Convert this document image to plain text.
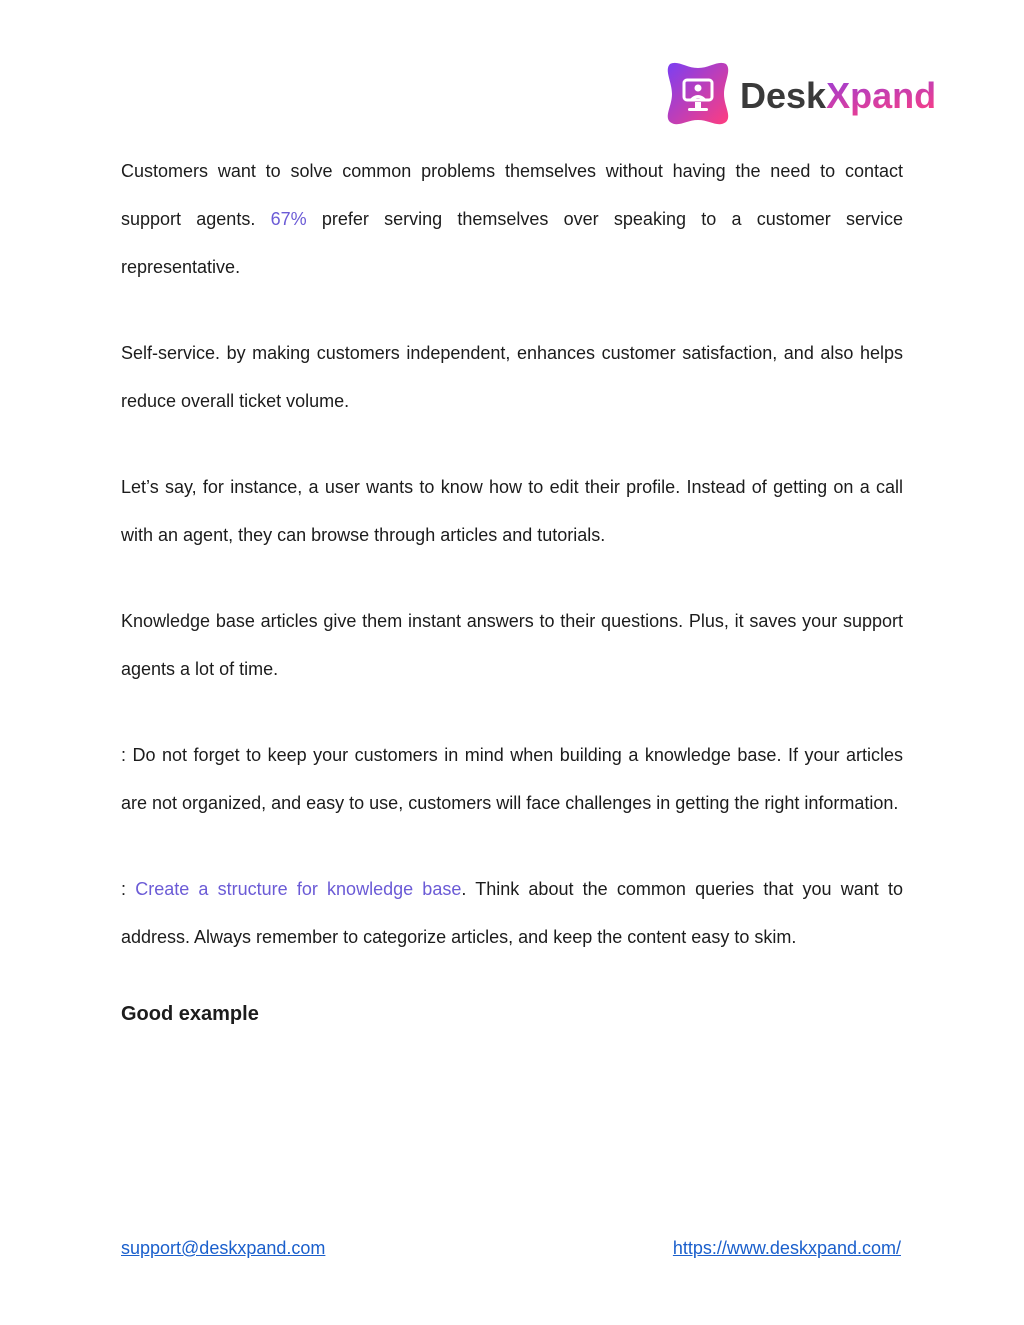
DeskXpand

Customers want to solve common problems themselves without having the need to contact support agents. 67% prefer serving themselves over speaking to a customer service representative.

Self-service. by making customers independent, enhances customer satisfaction, and also helps reduce overall ticket volume.

Let’s say, for instance, a user wants to know how to edit their profile. Instead of getting on a call with an agent, they can browse through articles and tutorials.

Knowledge base articles give them instant answers to their questions. Plus, it saves your support agents a lot of time.

: Do not forget to keep your customers in mind when building a knowledge base. If your articles are not organized, and easy to use, customers will face challenges in getting the right information.

: Create a structure for knowledge base. Think about the common queries that you want to address. Always remember to categorize articles, and keep the content easy to skim.

Good example
support@deskxpand.com	https://www.deskxpand.com/
